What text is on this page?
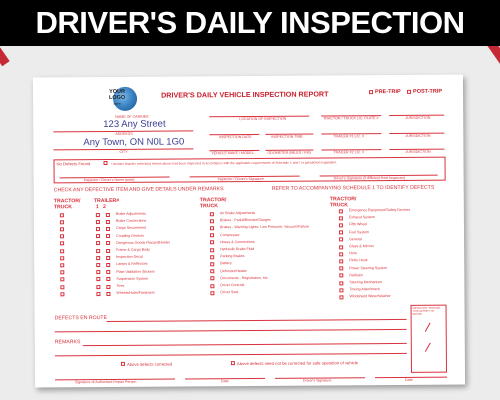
DRIVER'S DAILY INSPECTION
YOUR
LOGO
here
DRIVER'S DAILY VEHICLE INSPECTION REPORT	PRE-TRIP POST-TRIP
NAME OF CARRIER
123 Any Street
ADDRESS
Any Town, ON N0L 1G0
CITY
LOCATION OF INSPECTION	TRACTOR / TRUCK LIC. PLATE #	JURISDICTION
INSPECTION DATE	INSPECTION TIME	TRAILER #1 LIC. #	JURISDICTION
VEHICLE MAKE / MODEL	ODOMETER (MILES / KM)	TRAILER #2 LIC. #	JURISDICTION
No Defects Found	I declare that the vehicle(s) shown above had been inspected in accordance with the applicable requirements of Schedule 1 and / or jurisdiction legislation.
Inspector / Driver's Name (print)	Inspector / Driver's Signature	Driver's Signature (if different from Inspector)
CHECK ANY DEFECTIVE ITEM AND GIVE DETAILS UNDER REMARKS	REFER TO ACCOMPANYING SCHEDULE 1 TO IDENTIFY DEFECTS
TRACTOR/
TRUCK
TRAILER#
1   2
TRACTOR/
TRUCK
TRACTOR/
TRUCK
Brake Adjustments
Brake Connections
Cargo Securement
Coupling Devices
Dangerous Goods Placard/Holder
Frame & Cargo Body
Inspection Decal
Lamps & Reflectors
Plate Validation Stickers
Suspension System
Tires
Wheels/Hubs/Fasteners
Air Brake Adjustments
Brakes - Parkd/Booster/Gauges
Brakes - Warning Lights: Low Pressure, Vacuum/Failure
Compressor
Hoses & Connections
Hydraulic Brake Fluid
Parking Brakes
Battery
Defroster/Heater
Documents - Registration, etc.
Driver Controls
Driver Seat
Emergency Equipment/Safety Devices
Exhaust System
Fifth Wheel
Fuel System
General
Glass & Mirrors
Horn
Pintle Hook
Power Steering System
Radiator
Steering Mechanism
Towing Attachment
Windshield Wiper/Washer
IMPORTANT: PROVIDE THIS REPORT TO DRIVER
DEFECTS EN ROUTE
REMARKS
Above defects corrected	Above defects need not be corrected for safe operation of vehicle
Signature of Authorized Repair Person	Date	Driver's Signature	Date
